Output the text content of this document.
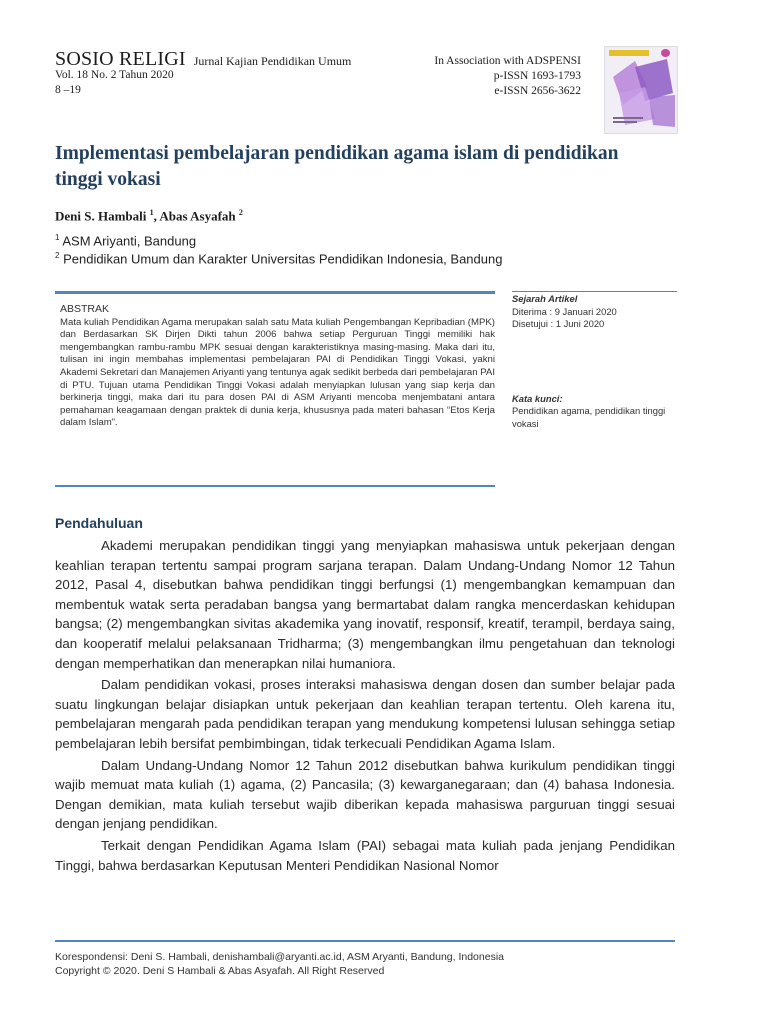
SOSIO RELIGI Jurnal Kajian Pendidikan Umum
Vol. 18 No. 2 Tahun 2020
8 –19
In Association with ADSPENSI
p-ISSN 1693-1793
e-ISSN 2656-3622
Implementasi pembelajaran pendidikan agama islam di pendidikan tinggi vokasi
Deni S. Hambali $^1$, Abas Asyafah $^2$
$^1$ ASM Ariyanti, Bandung
$^2$ Pendidikan Umum dan Karakter Universitas Pendidikan Indonesia, Bandung
ABSTRAK

Mata kuliah Pendidikan Agama merupakan salah satu Mata kuliah Pengembangan Kepribadian (MPK) dan Berdasarkan SK Dirjen Dikti tahun 2006 bahwa setiap Perguruan Tinggi memiliki hak mengembangkan rambu-rambu MPK sesuai dengan karakteristiknya masing-masing. Maka dari itu, tulisan ini ingin membahas implementasi pembelajaran PAI di Pendidikan Tinggi Vokasi, yakni Akademi Sekretari dan Manajemen Ariyanti yang tentunya agak sedikit berbeda dari pembelajaran PAI di PTU. Tujuan utama Pendidikan Tinggi Vokasi adalah menyiapkan lulusan yang siap kerja dan berkinerja tinggi, maka dari itu para dosen PAI di ASM Ariyanti mencoba menjembatani antara pemahaman keagamaan dengan praktek di dunia kerja, khususnya pada materi bahasan “Etos Kerja dalam Islam”.

Sejarah Artikel
Diterima : 9 Januari 2020
Disetujui : 1 Juni 2020
Kata kunci:
Pendidikan agama, pendidikan tinggi vokasi
Pendahuluan

Akademi merupakan pendidikan tinggi yang menyiapkan mahasiswa untuk pekerjaan dengan keahlian terapan tertentu sampai program sarjana terapan. Dalam Undang-Undang Nomor 12 Tahun 2012, Pasal 4, disebutkan bahwa pendidikan tinggi berfungsi (1) mengembangkan kemampuan dan membentuk watak serta peradaban bangsa yang bermartabat dalam rangka mencerdaskan kehidupan bangsa; (2) mengembangkan sivitas akademika yang inovatif, responsif, kreatif, terampil, berdaya saing, dan kooperatif melalui pelaksanaan Tridharma; (3) mengembangkan ilmu pengetahuan dan teknologi dengan memperhatikan dan menerapkan nilai humaniora.

Dalam pendidikan vokasi, proses interaksi mahasiswa dengan dosen dan sumber belajar pada suatu lingkungan belajar disiapkan untuk pekerjaan dan keahlian terapan tertentu. Oleh karena itu, pembelajaran mengarah pada pendidikan terapan yang mendukung kompetensi lulusan sehingga setiap pembelajaran lebih bersifat pembimbingan, tidak terkecuali Pendidikan Agama Islam.

Dalam Undang-Undang Nomor 12 Tahun 2012 disebutkan bahwa kurikulum pendidikan tinggi wajib memuat mata kuliah (1) agama, (2) Pancasila; (3) kewarganegaraan; dan (4) bahasa Indonesia. Dengan demikian, mata kuliah tersebut wajib diberikan kepada mahasiswa parguruan tinggi sesuai dengan jenjang pendidikan.

Terkait dengan Pendidikan Agama Islam (PAI) sebagai mata kuliah pada jenjang Pendidikan Tinggi, bahwa berdasarkan Keputusan Menteri Pendidikan Nasional Nomor

Korespondensi: Deni S. Hambali, denishambali@aryanti.ac.id, ASM Aryanti, Bandung, Indonesia
Copyright © 2020. Deni S Hambali & Abas Asyafah. All Right Reserved
